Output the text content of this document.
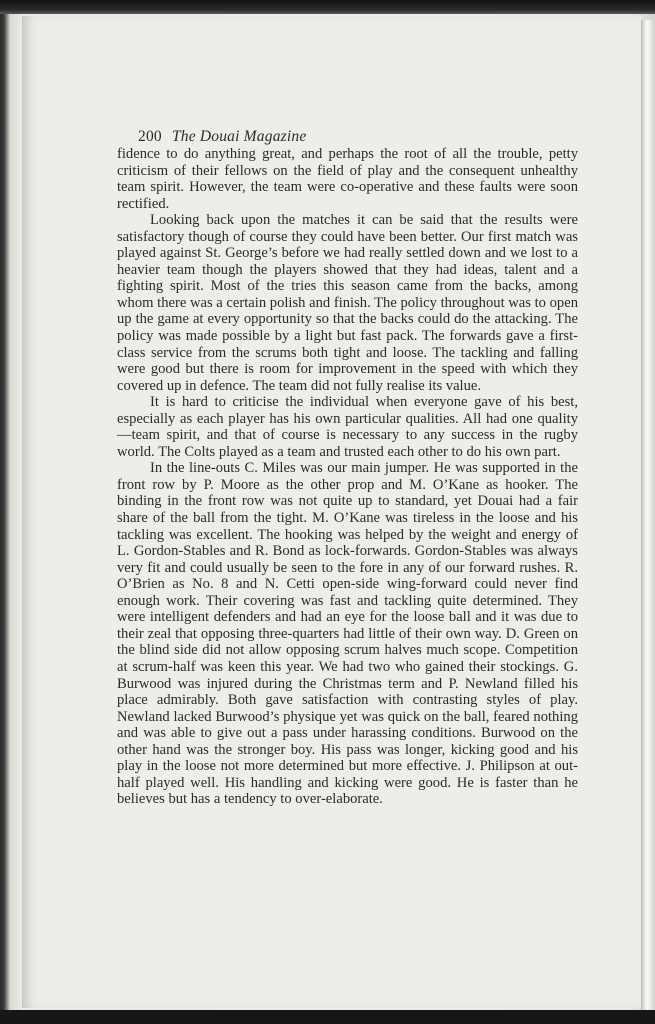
200 The Douai Magazine

fidence to do anything great, and perhaps the root of all the trouble, petty criticism of their fellows on the field of play and the consequent unhealthy team spirit. However, the team were co-operative and these faults were soon rectified.

Looking back upon the matches it can be said that the results were satisfactory though of course they could have been better. Our first match was played against St. George’s before we had really settled down and we lost to a heavier team though the players showed that they had ideas, talent and a fighting spirit. Most of the tries this season came from the backs, among whom there was a certain polish and finish. The policy throughout was to open up the game at every opportunity so that the backs could do the attacking. The policy was made possible by a light but fast pack. The forwards gave a first-class service from the scrums both tight and loose. The tackling and falling were good but there is room for improvement in the speed with which they covered up in defence. The team did not fully realise its value.

It is hard to criticise the individual when everyone gave of his best, especially as each player has his own particular qualities. All had one quality—team spirit, and that of course is necessary to any success in the rugby world. The Colts played as a team and trusted each other to do his own part.

In the line-outs C. Miles was our main jumper. He was supported in the front row by P. Moore as the other prop and M. O’Kane as hooker. The binding in the front row was not quite up to standard, yet Douai had a fair share of the ball from the tight. M. O’Kane was tireless in the loose and his tackling was excellent. The hooking was helped by the weight and energy of L. Gordon-Stables and R. Bond as lock-forwards. Gordon-Stables was always very fit and could usually be seen to the fore in any of our forward rushes. R. O’Brien as No. 8 and N. Cetti open-side wing-forward could never find enough work. Their covering was fast and tackling quite determined. They were intelligent defenders and had an eye for the loose ball and it was due to their zeal that opposing three-quarters had little of their own way. D. Green on the blind side did not allow opposing scrum halves much scope. Competition at scrum-half was keen this year. We had two who gained their stockings. G. Burwood was injured during the Christmas term and P. Newland filled his place admirably. Both gave satisfaction with contrasting styles of play. Newland lacked Burwood’s physique yet was quick on the ball, feared nothing and was able to give out a pass under harassing conditions. Burwood on the other hand was the stronger boy. His pass was longer, kicking good and his play in the loose not more determined but more effective. J. Philipson at out-half played well. His handling and kicking were good. He is faster than he believes but has a tendency to over-elaborate.
